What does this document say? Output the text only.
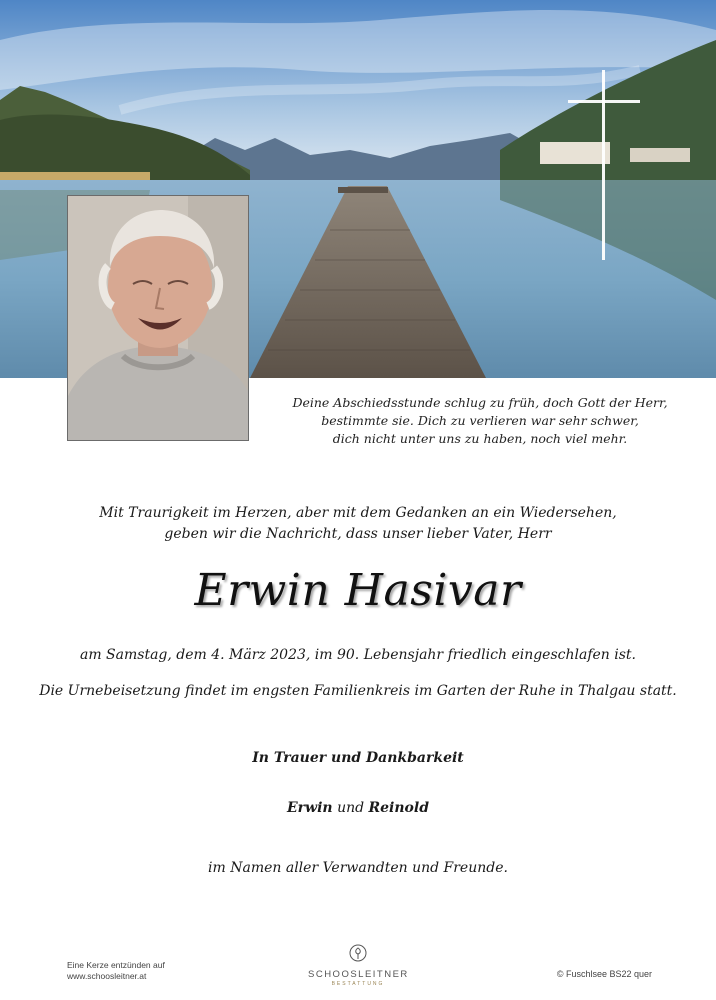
Deine Abschiedsstunde schlug zu früh, doch Gott der Herr,
bestimmte sie. Dich zu verlieren war sehr schwer,
dich nicht unter uns zu haben, noch viel mehr.
Mit Traurigkeit im Herzen, aber mit dem Gedanken an ein Wiedersehen,
geben wir die Nachricht, dass unser lieber Vater, Herr
Erwin Hasivar
am Samstag, dem 4. März 2023, im 90. Lebensjahr friedlich eingeschlafen ist.
Die Urnebeisetzung findet im engsten Familienkreis im Garten der Ruhe in Thalgau statt.
In Trauer und Dankbarkeit
Erwin und Reinold
im Namen aller Verwandten und Freunde.
Eine Kerze entzünden auf
www.schoosleitner.at	SCHOOSLEITNER
BESTATTUNG
© Fuschlsee BS22 quer
